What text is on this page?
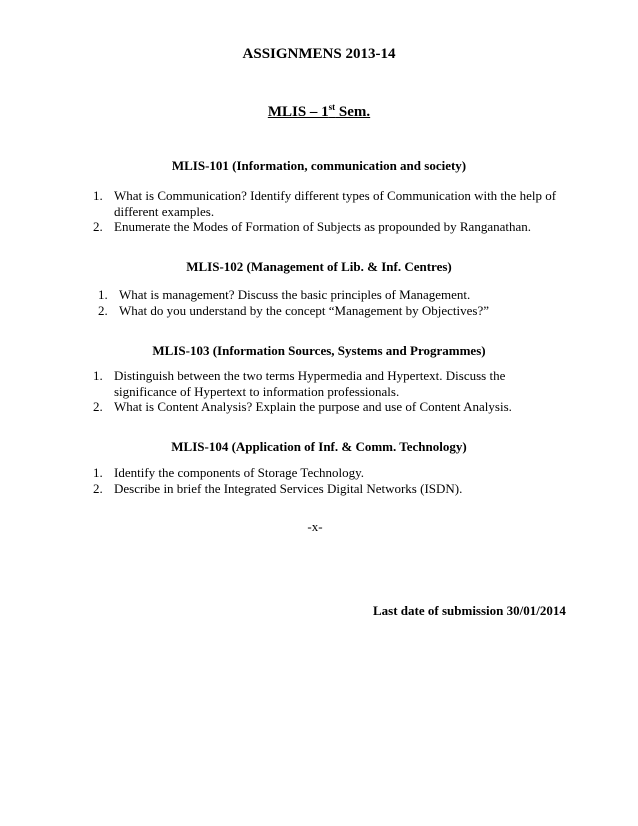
ASSIGNMENS 2013-14
MLIS – 1st Sem.
MLIS-101 (Information, communication and society)
1. What is Communication? Identify different types of Communication with the help of different examples.
2. Enumerate the Modes of Formation of Subjects as propounded by Ranganathan.
MLIS-102 (Management of Lib. & Inf. Centres)
1. What is management? Discuss the basic principles of Management.
2. What do you understand by the concept “Management by Objectives?”
MLIS-103 (Information Sources, Systems and Programmes)
1. Distinguish between the two terms Hypermedia and Hypertext. Discuss the significance of Hypertext to information professionals.
2. What is Content Analysis? Explain the purpose and use of Content Analysis.
MLIS-104 (Application of Inf. & Comm. Technology)
1. Identify the components of Storage Technology.
2. Describe in brief the Integrated Services Digital Networks (ISDN).
-x-
Last date of submission 30/01/2014
